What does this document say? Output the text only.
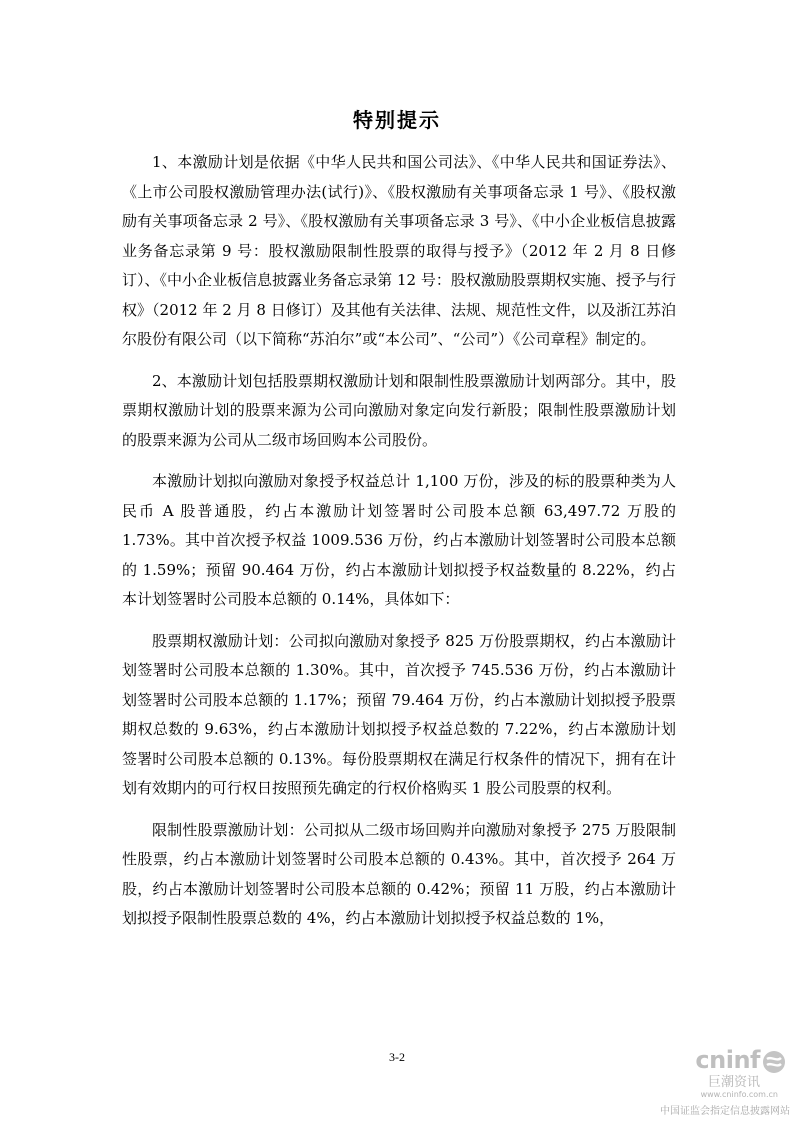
特别提示

1、本激励计划是依据《中华人民共和国公司法》、《中华人民共和国证券法》、《上市公司股权激励管理办法(试行)》、《股权激励有关事项备忘录 1 号》、《股权激励有关事项备忘录 2 号》、《股权激励有关事项备忘录 3 号》、《中小企业板信息披露业务备忘录第 9 号：股权激励限制性股票的取得与授予》（2012 年 2 月 8 日修订）、《中小企业板信息披露业务备忘录第 12 号：股权激励股票期权实施、授予与行权》（2012 年 2 月 8 日修订）及其他有关法律、法规、规范性文件，以及浙江苏泊尔股份有限公司（以下简称“苏泊尔”或“本公司”、“公司”）《公司章程》制定的。

2、本激励计划包括股票期权激励计划和限制性股票激励计划两部分。其中，股票期权激励计划的股票来源为公司向激励对象定向发行新股；限制性股票激励计划的股票来源为公司从二级市场回购本公司股份。

本激励计划拟向激励对象授予权益总计 1,100 万份，涉及的标的股票种类为人民币 A 股普通股，约占本激励计划签署时公司股本总额 63,497.72 万股的 1.73%。其中首次授予权益 1009.536 万份，约占本激励计划签署时公司股本总额的 1.59%；预留 90.464 万份，约占本激励计划拟授予权益数量的 8.22%，约占本计划签署时公司股本总额的 0.14%，具体如下：

股票期权激励计划：公司拟向激励对象授予 825 万份股票期权，约占本激励计划签署时公司股本总额的 1.30%。其中，首次授予 745.536 万份，约占本激励计划签署时公司股本总额的 1.17%；预留 79.464 万份，约占本激励计划拟授予股票期权总数的 9.63%，约占本激励计划拟授予权益总数的 7.22%，约占本激励计划签署时公司股本总额的 0.13%。每份股票期权在满足行权条件的情况下，拥有在计划有效期内的可行权日按照预先确定的行权价格购买 1 股公司股票的权利。

限制性股票激励计划：公司拟从二级市场回购并向激励对象授予 275 万股限制性股票，约占本激励计划签署时公司股本总额的 0.43%。其中，首次授予 264 万股，约占本激励计划签署时公司股本总额的 0.42%；预留 11 万股，约占本激励计划拟授予限制性股票总数的 4%，约占本激励计划拟授予权益总数的 1%，

3-2	cninf
巨潮资讯
www.cninfo.com.cn
中国证监会指定信息披露网站
